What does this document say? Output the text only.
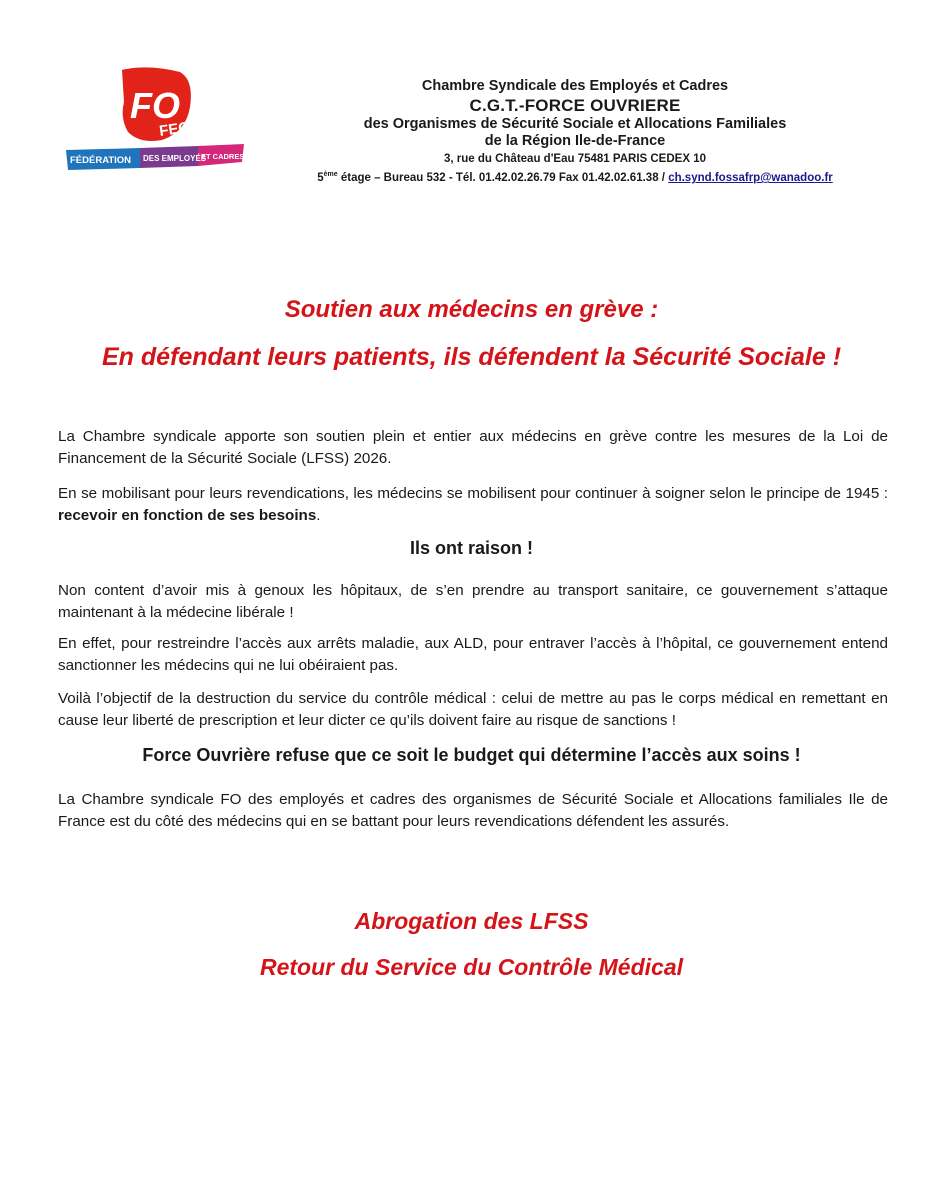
FO
FEC
FÉDÉRATION DES EMPLOYÉS
ET CADRES
Chambre Syndicale des Employés et Cadres
C.G.T.-FORCE OUVRIERE
des Organismes de Sécurité Sociale et Allocations Familiales
de la Région Ile-de-France
3, rue du Château d'Eau 75481 PARIS CEDEX 10
5ème étage – Bureau 532 - Tél. 01.42.02.26.79 Fax 01.42.02.61.38 / ch.synd.fossafrp@wanadoo.fr
Soutien aux médecins en grève :
En défendant leurs patients, ils défendent la Sécurité Sociale !
La Chambre syndicale apporte son soutien plein et entier aux médecins en grève contre les mesures de la Loi de Financement de la Sécurité Sociale (LFSS) 2026.
En se mobilisant pour leurs revendications, les médecins se mobilisent pour continuer à soigner selon le principe de 1945 : recevoir en fonction de ses besoins.
Ils ont raison !
Non content d’avoir mis à genoux les hôpitaux, de s’en prendre au transport sanitaire, ce gouvernement s’attaque maintenant à la médecine libérale !
En effet, pour restreindre l’accès aux arrêts maladie, aux ALD, pour entraver l’accès à l’hôpital, ce gouvernement entend sanctionner les médecins qui ne lui obéiraient pas.
Voilà l’objectif de la destruction du service du contrôle médical : celui de mettre au pas le corps médical en remettant en cause leur liberté de prescription et leur dicter ce qu’ils doivent faire au risque de sanctions !
Force Ouvrière refuse que ce soit le budget qui détermine l’accès aux soins !
La Chambre syndicale FO des employés et cadres des organismes de Sécurité Sociale et Allocations familiales Ile de France est du côté des médecins qui en se battant pour leurs revendications défendent les assurés.
Abrogation des LFSS
Retour du Service du Contrôle Médical
